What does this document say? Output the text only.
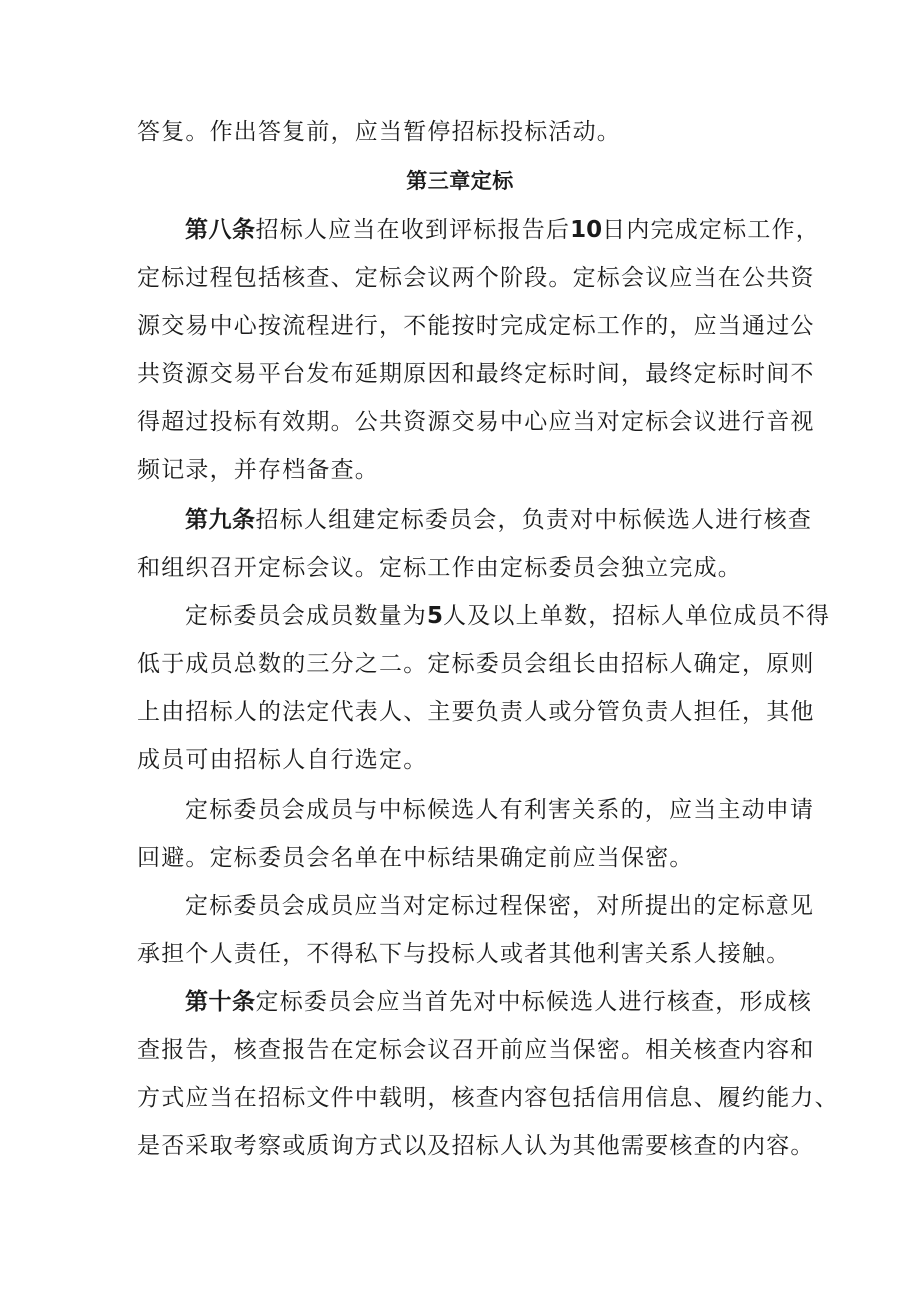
答复。作出答复前，应当暂停招标投标活动。
第三章定标
第八条招标人应当在收到评标报告后10日内完成定标工作，
定标过程包括核查、定标会议两个阶段。定标会议应当在公共资
源交易中心按流程进行，不能按时完成定标工作的，应当通过公
共资源交易平台发布延期原因和最终定标时间，最终定标时间不
得超过投标有效期。公共资源交易中心应当对定标会议进行音视
频记录，并存档备查。
第九条招标人组建定标委员会，负责对中标候选人进行核查
和组织召开定标会议。定标工作由定标委员会独立完成。
定标委员会成员数量为5人及以上单数，招标人单位成员不得
低于成员总数的三分之二。定标委员会组长由招标人确定，原则
上由招标人的法定代表人、主要负责人或分管负责人担任，其他
成员可由招标人自行选定。
定标委员会成员与中标候选人有利害关系的，应当主动申请
回避。定标委员会名单在中标结果确定前应当保密。
定标委员会成员应当对定标过程保密，对所提出的定标意见
承担个人责任，不得私下与投标人或者其他利害关系人接触。
第十条定标委员会应当首先对中标候选人进行核查，形成核
查报告，核查报告在定标会议召开前应当保密。相关核查内容和
方式应当在招标文件中载明，核查内容包括信用信息、履约能力、
是否采取考察或质询方式以及招标人认为其他需要核查的内容。
